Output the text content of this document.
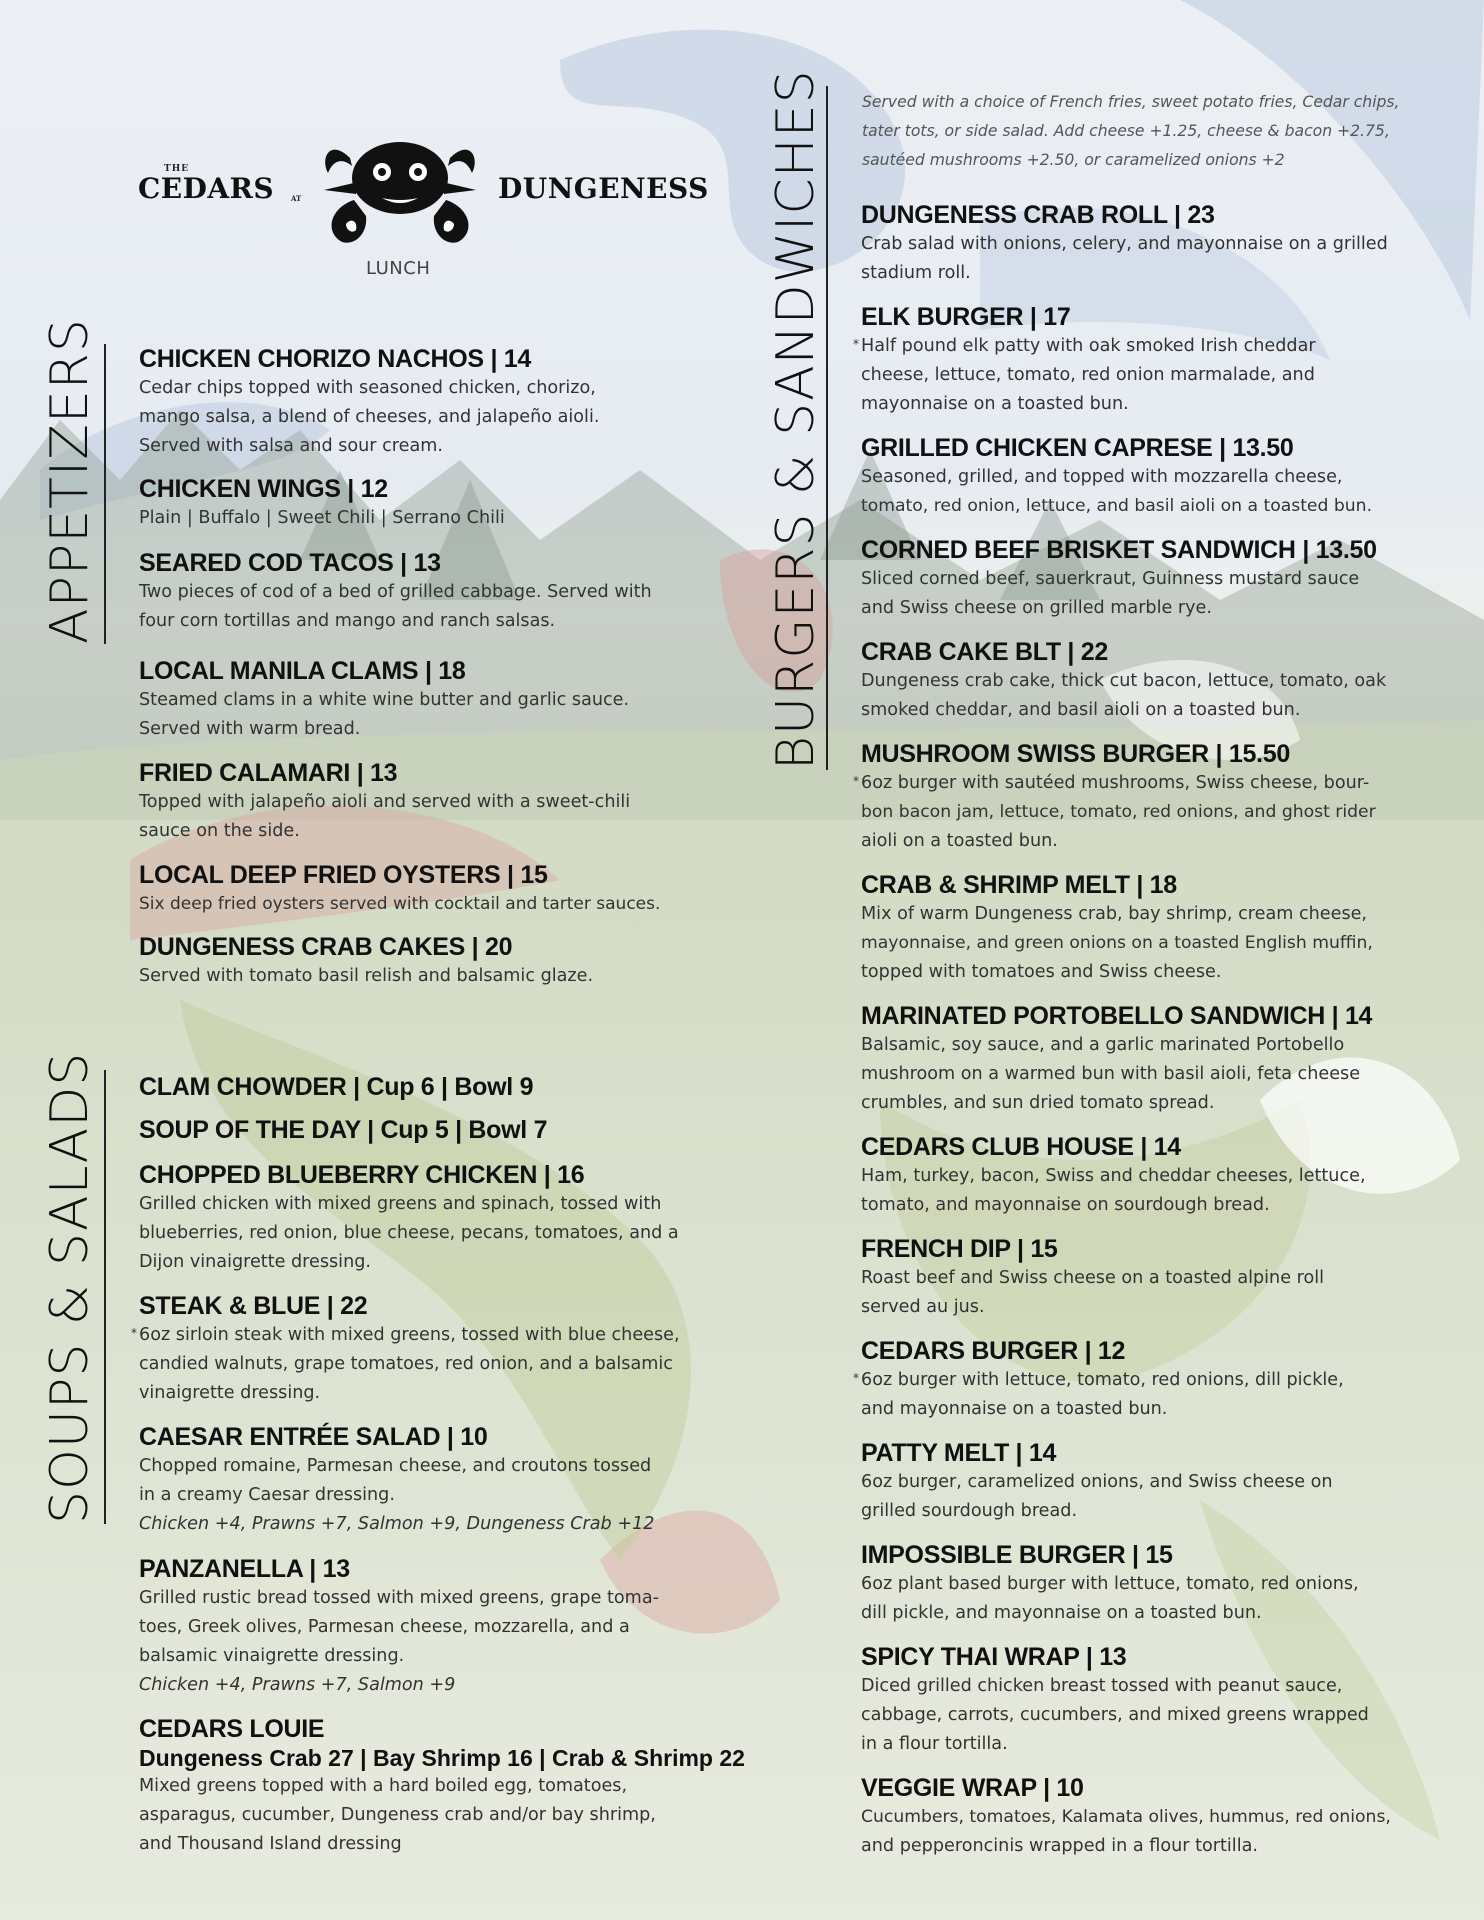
THE
CEDARS AT	DUNGENESS
LUNCH
APPETIZERS
SOUPS & SALADS
BURGERS & SANDWICHES
CHICKEN CHORIZO NACHOS | 14
Cedar chips topped with seasoned chicken, chorizo,
mango salsa, a blend of cheeses, and jalapeño aioli.
Served with salsa and sour cream.
CHICKEN WINGS | 12
Plain | Buffalo | Sweet Chili | Serrano Chili
SEARED COD TACOS | 13
Two pieces of cod of a bed of grilled cabbage. Served with
four corn tortillas and mango and ranch salsas.
LOCAL MANILA CLAMS | 18
Steamed clams in a white wine butter and garlic sauce.
Served with warm bread.
FRIED CALAMARI | 13
Topped with jalapeño aioli and served with a sweet-chili
sauce on the side.
LOCAL DEEP FRIED OYSTERS | 15
Six deep fried oysters served with cocktail and tarter sauces.
DUNGENESS CRAB CAKES | 20
Served with tomato basil relish and balsamic glaze.
CLAM CHOWDER | Cup 6 | Bowl 9
SOUP OF THE DAY | Cup 5 | Bowl 7
CHOPPED BLUEBERRY CHICKEN | 16
Grilled chicken with mixed greens and spinach, tossed with
blueberries, red onion, blue cheese, pecans, tomatoes, and a
Dijon vinaigrette dressing.
STEAK & BLUE | 22
* 6oz sirloin steak with mixed greens, tossed with blue cheese,
candied walnuts, grape tomatoes, red onion, and a balsamic
vinaigrette dressing.
CAESAR ENTRÉE SALAD | 10
Chopped romaine, Parmesan cheese, and croutons tossed
in a creamy Caesar dressing.
Chicken +4, Prawns +7, Salmon +9, Dungeness Crab +12
PANZANELLA | 13
Grilled rustic bread tossed with mixed greens, grape toma-
toes, Greek olives, Parmesan cheese, mozzarella, and a
balsamic vinaigrette dressing.
Chicken +4, Prawns +7, Salmon +9
CEDARS LOUIE
Dungeness Crab 27 | Bay Shrimp 16 | Crab & Shrimp 22
Mixed greens topped with a hard boiled egg, tomatoes,
asparagus, cucumber, Dungeness crab and/or bay shrimp,
and Thousand Island dressing
Served with a choice of French fries, sweet potato fries, Cedar chips,
tater tots, or side salad. Add cheese +1.25, cheese & bacon +2.75,
sautéed mushrooms +2.50, or caramelized onions +2
DUNGENESS CRAB ROLL | 23
Crab salad with onions, celery, and mayonnaise on a grilled
stadium roll.
ELK BURGER | 17
* Half pound elk patty with oak smoked Irish cheddar
cheese, lettuce, tomato, red onion marmalade, and
mayonnaise on a toasted bun.
GRILLED CHICKEN CAPRESE | 13.50
Seasoned, grilled, and topped with mozzarella cheese,
tomato, red onion, lettuce, and basil aioli on a toasted bun.
CORNED BEEF BRISKET SANDWICH | 13.50
Sliced corned beef, sauerkraut, Guinness mustard sauce
and Swiss cheese on grilled marble rye.
CRAB CAKE BLT | 22
Dungeness crab cake, thick cut bacon, lettuce, tomato, oak
smoked cheddar, and basil aioli on a toasted bun.
MUSHROOM SWISS BURGER | 15.50
* 6oz burger with sautéed mushrooms, Swiss cheese, bour-
bon bacon jam, lettuce, tomato, red onions, and ghost rider
aioli on a toasted bun.
CRAB & SHRIMP MELT | 18
Mix of warm Dungeness crab, bay shrimp, cream cheese,
mayonnaise, and green onions on a toasted English muffin,
topped with tomatoes and Swiss cheese.
MARINATED PORTOBELLO SANDWICH | 14
Balsamic, soy sauce, and a garlic marinated Portobello
mushroom on a warmed bun with basil aioli, feta cheese
crumbles, and sun dried tomato spread.
CEDARS CLUB HOUSE | 14
Ham, turkey, bacon, Swiss and cheddar cheeses, lettuce,
tomato, and mayonnaise on sourdough bread.
FRENCH DIP | 15
Roast beef and Swiss cheese on a toasted alpine roll
served au jus.
CEDARS BURGER | 12
* 6oz burger with lettuce, tomato, red onions, dill pickle,
and mayonnaise on a toasted bun.
PATTY MELT | 14
6oz burger, caramelized onions, and Swiss cheese on
grilled sourdough bread.
IMPOSSIBLE BURGER | 15
6oz plant based burger with lettuce, tomato, red onions,
dill pickle, and mayonnaise on a toasted bun.
SPICY THAI WRAP | 13
Diced grilled chicken breast tossed with peanut sauce,
cabbage, carrots, cucumbers, and mixed greens wrapped
in a flour tortilla.
VEGGIE WRAP | 10
Cucumbers, tomatoes, Kalamata olives, hummus, red onions,
and pepperoncinis wrapped in a flour tortilla.
